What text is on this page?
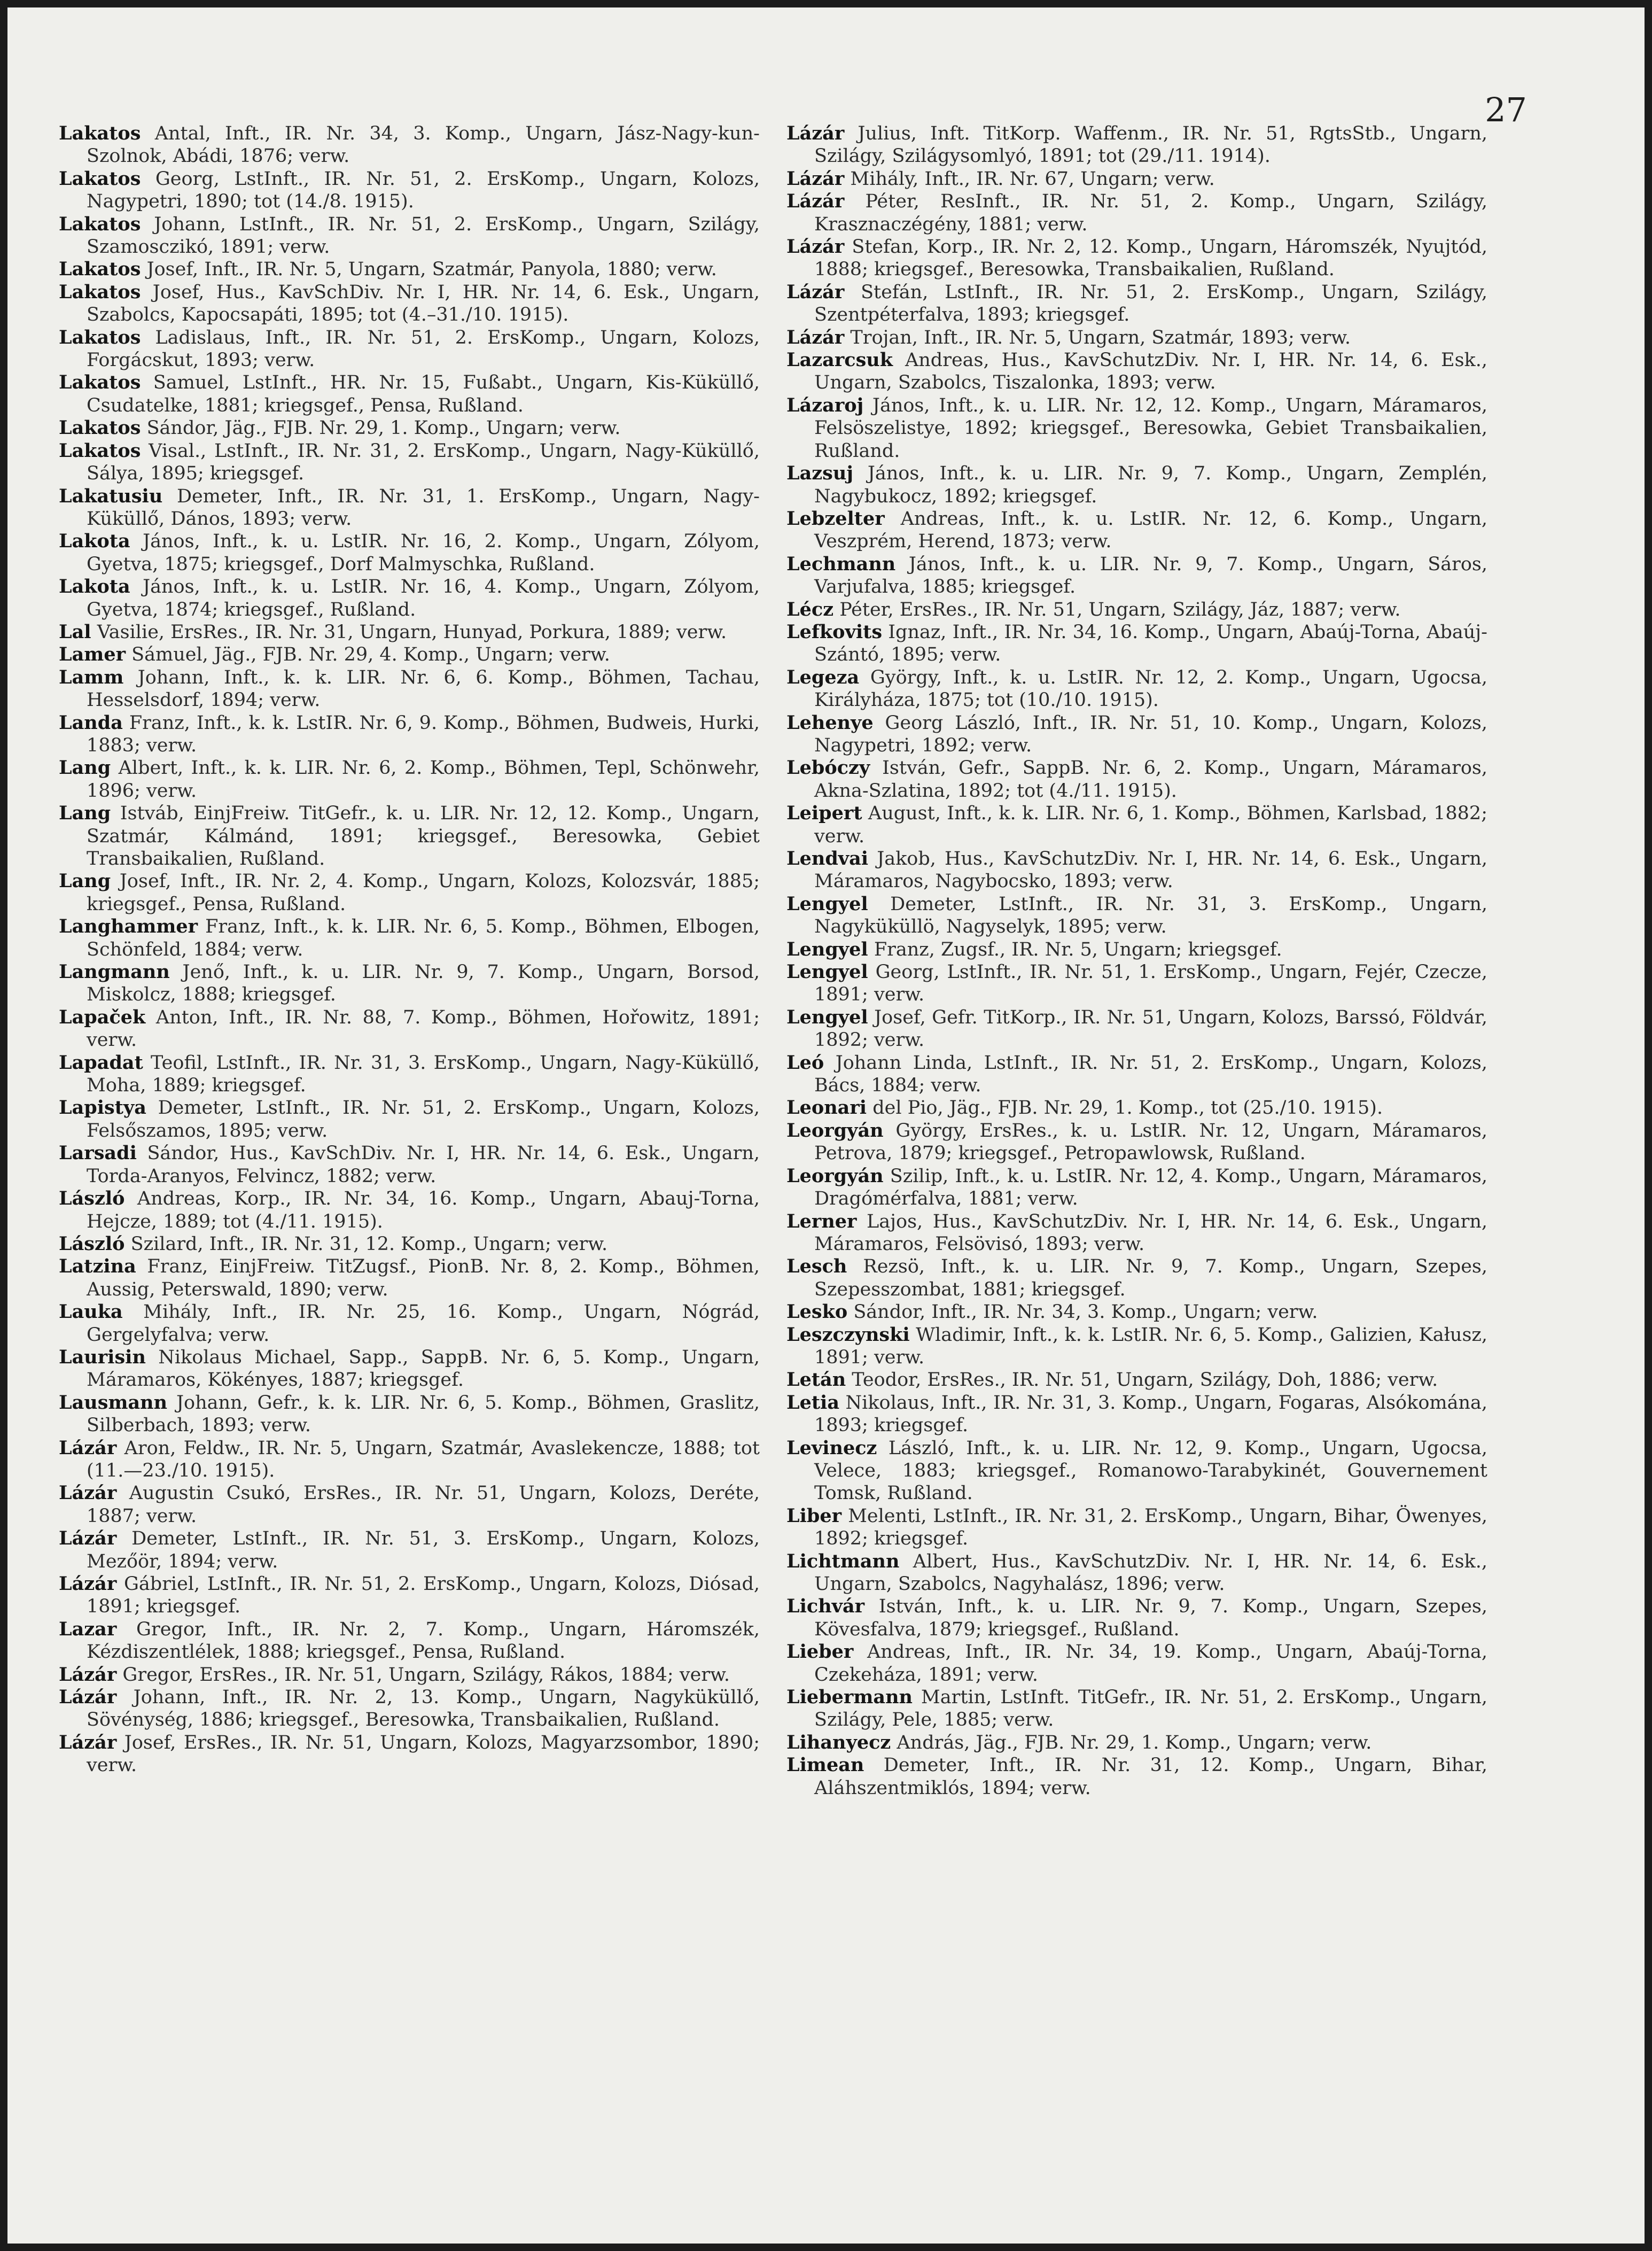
27
Lakatos Antal, Inft., IR. Nr. 34, 3. Komp., Ungarn, Jász-Nagy-kun-Szolnok, Abádi, 1876; verw.
Lakatos Georg, LstInft., IR. Nr. 51, 2. ErsKomp., Ungarn, Kolozs, Nagypetri, 1890; tot (14./8. 1915).
Lakatos Johann, LstInft., IR. Nr. 51, 2. ErsKomp., Ungarn, Szilágy, Szamosczikó, 1891; verw.
Lakatos Josef, Inft., IR. Nr. 5, Ungarn, Szatmár, Panyola, 1880; verw.
Lakatos Josef, Hus., KavSchDiv. Nr. I, HR. Nr. 14, 6. Esk., Ungarn, Szabolcs, Kapocsapáti, 1895; tot (4.–31./10. 1915).
Lakatos Ladislaus, Inft., IR. Nr. 51, 2. ErsKomp., Ungarn, Kolozs, Forgácskut, 1893; verw.
Lakatos Samuel, LstInft., HR. Nr. 15, Fußabt., Ungarn, Kis-Küküllő, Csudatelke, 1881; kriegsgef., Pensa, Rußland.
Lakatos Sándor, Jäg., FJB. Nr. 29, 1. Komp., Ungarn; verw.
Lakatos Visal., LstInft., IR. Nr. 31, 2. ErsKomp., Ungarn, Nagy-Küküllő, Sálya, 1895; kriegsgef.
Lakatusiu Demeter, Inft., IR. Nr. 31, 1. ErsKomp., Ungarn, Nagy-Küküllő, Dános, 1893; verw.
Lakota János, Inft., k. u. LstIR. Nr. 16, 2. Komp., Ungarn, Zólyom, Gyetva, 1875; kriegsgef., Dorf Malmyschka, Rußland.
Lakota János, Inft., k. u. LstIR. Nr. 16, 4. Komp., Ungarn, Zólyom, Gyetva, 1874; kriegsgef., Rußland.
Lal Vasilie, ErsRes., IR. Nr. 31, Ungarn, Hunyad, Porkura, 1889; verw.
Lamer Sámuel, Jäg., FJB. Nr. 29, 4. Komp., Ungarn; verw.
Lamm Johann, Inft., k. k. LIR. Nr. 6, 6. Komp., Böhmen, Tachau, Hesselsdorf, 1894; verw.
Landa Franz, Inft., k. k. LstIR. Nr. 6, 9. Komp., Böhmen, Budweis, Hurki, 1883; verw.
Lang Albert, Inft., k. k. LIR. Nr. 6, 2. Komp., Böhmen, Tepl, Schönwehr, 1896; verw.
Lang Istváb, EinjFreiw. TitGefr., k. u. LIR. Nr. 12, 12. Komp., Ungarn, Szatmár, Kálmánd, 1891; kriegsgef., Beresowka, Gebiet Transbaikalien, Rußland.
Lang Josef, Inft., IR. Nr. 2, 4. Komp., Ungarn, Kolozs, Kolozsvár, 1885; kriegsgef., Pensa, Rußland.
Langhammer Franz, Inft., k. k. LIR. Nr. 6, 5. Komp., Böhmen, Elbogen, Schönfeld, 1884; verw.
Langmann Jenő, Inft., k. u. LIR. Nr. 9, 7. Komp., Ungarn, Borsod, Miskolcz, 1888; kriegsgef.
Lapaček Anton, Inft., IR. Nr. 88, 7. Komp., Böhmen, Hořowitz, 1891; verw.
Lapadat Teofil, LstInft., IR. Nr. 31, 3. ErsKomp., Ungarn, Nagy-Küküllő, Moha, 1889; kriegsgef.
Lapistya Demeter, LstInft., IR. Nr. 51, 2. ErsKomp., Ungarn, Kolozs, Felsőszamos, 1895; verw.
Larsadi Sándor, Hus., KavSchDiv. Nr. I, HR. Nr. 14, 6. Esk., Ungarn, Torda-Aranyos, Felvincz, 1882; verw.
László Andreas, Korp., IR. Nr. 34, 16. Komp., Ungarn, Abauj-Torna, Hejcze, 1889; tot (4./11. 1915).
László Szilard, Inft., IR. Nr. 31, 12. Komp., Ungarn; verw.
Latzina Franz, EinjFreiw. TitZugsf., PionB. Nr. 8, 2. Komp., Böhmen, Aussig, Peterswald, 1890; verw.
Lauka Mihály, Inft., IR. Nr. 25, 16. Komp., Ungarn, Nógrád, Gergelyfalva; verw.
Laurisin Nikolaus Michael, Sapp., SappB. Nr. 6, 5. Komp., Ungarn, Máramaros, Kökényes, 1887; kriegsgef.
Lausmann Johann, Gefr., k. k. LIR. Nr. 6, 5. Komp., Böhmen, Graslitz, Silberbach, 1893; verw.
Lázár Aron, Feldw., IR. Nr. 5, Ungarn, Szatmár, Avaslekencze, 1888; tot (11.—23./10. 1915).
Lázár Augustin Csukó, ErsRes., IR. Nr. 51, Ungarn, Kolozs, Deréte, 1887; verw.
Lázár Demeter, LstInft., IR. Nr. 51, 3. ErsKomp., Ungarn, Kolozs, Mezőör, 1894; verw.
Lázár Gábriel, LstInft., IR. Nr. 51, 2. ErsKomp., Ungarn, Kolozs, Diósad, 1891; kriegsgef.
Lazar Gregor, Inft., IR. Nr. 2, 7. Komp., Ungarn, Háromszék, Kézdiszentlélek, 1888; kriegsgef., Pensa, Rußland.
Lázár Gregor, ErsRes., IR. Nr. 51, Ungarn, Szilágy, Rákos, 1884; verw.
Lázár Johann, Inft., IR. Nr. 2, 13. Komp., Ungarn, Nagyküküllő, Sövénység, 1886; kriegsgef., Beresowka, Transbaikalien, Rußland.
Lázár Josef, ErsRes., IR. Nr. 51, Ungarn, Kolozs, Magyarzsombor, 1890; verw.
Lázár Julius, Inft. TitKorp. Waffenm., IR. Nr. 51, RgtsStb., Ungarn, Szilágy, Szilágysomlyó, 1891; tot (29./11. 1914).
Lázár Mihály, Inft., IR. Nr. 67, Ungarn; verw.
Lázár Péter, ResInft., IR. Nr. 51, 2. Komp., Ungarn, Szilágy, Krasznaczégény, 1881; verw.
Lázár Stefan, Korp., IR. Nr. 2, 12. Komp., Ungarn, Háromszék, Nyujtód, 1888; kriegsgef., Beresowka, Transbaikalien, Rußland.
Lázár Stefán, LstInft., IR. Nr. 51, 2. ErsKomp., Ungarn, Szilágy, Szentpéterfalva, 1893; kriegsgef.
Lázár Trojan, Inft., IR. Nr. 5, Ungarn, Szatmár, 1893; verw.
Lazarcsuk Andreas, Hus., KavSchutzDiv. Nr. I, HR. Nr. 14, 6. Esk., Ungarn, Szabolcs, Tiszalonka, 1893; verw.
Lázaroj János, Inft., k. u. LIR. Nr. 12, 12. Komp., Ungarn, Máramaros, Felsöszelistye, 1892; kriegsgef., Beresowka, Gebiet Transbaikalien, Rußland.
Lazsuj János, Inft., k. u. LIR. Nr. 9, 7. Komp., Ungarn, Zemplén, Nagybukocz, 1892; kriegsgef.
Lebzelter Andreas, Inft., k. u. LstIR. Nr. 12, 6. Komp., Ungarn, Veszprém, Herend, 1873; verw.
Lechmann János, Inft., k. u. LIR. Nr. 9, 7. Komp., Ungarn, Sáros, Varjufalva, 1885; kriegsgef.
Lécz Péter, ErsRes., IR. Nr. 51, Ungarn, Szilágy, Jáz, 1887; verw.
Lefkovits Ignaz, Inft., IR. Nr. 34, 16. Komp., Ungarn, Abaúj-Torna, Abaúj-Szántó, 1895; verw.
Legeza György, Inft., k. u. LstIR. Nr. 12, 2. Komp., Ungarn, Ugocsa, Királyháza, 1875; tot (10./10. 1915).
Lehenye Georg László, Inft., IR. Nr. 51, 10. Komp., Ungarn, Kolozs, Nagypetri, 1892; verw.
Lebóczy István, Gefr., SappB. Nr. 6, 2. Komp., Ungarn, Máramaros, Akna-Szlatina, 1892; tot (4./11. 1915).
Leipert August, Inft., k. k. LIR. Nr. 6, 1. Komp., Böhmen, Karlsbad, 1882; verw.
Lendvai Jakob, Hus., KavSchutzDiv. Nr. I, HR. Nr. 14, 6. Esk., Ungarn, Máramaros, Nagybocsko, 1893; verw.
Lengyel Demeter, LstInft., IR. Nr. 31, 3. ErsKomp., Ungarn, Nagyküküllö, Nagyselyk, 1895; verw.
Lengyel Franz, Zugsf., IR. Nr. 5, Ungarn; kriegsgef.
Lengyel Georg, LstInft., IR. Nr. 51, 1. ErsKomp., Ungarn, Fejér, Czecze, 1891; verw.
Lengyel Josef, Gefr. TitKorp., IR. Nr. 51, Ungarn, Kolozs, Barssó, Földvár, 1892; verw.
Leó Johann Linda, LstInft., IR. Nr. 51, 2. ErsKomp., Ungarn, Kolozs, Bács, 1884; verw.
Leonari del Pio, Jäg., FJB. Nr. 29, 1. Komp., tot (25./10. 1915).
Leorgyán György, ErsRes., k. u. LstIR. Nr. 12, Ungarn, Máramaros, Petrova, 1879; kriegsgef., Petropawlowsk, Rußland.
Leorgyán Szilip, Inft., k. u. LstIR. Nr. 12, 4. Komp., Ungarn, Máramaros, Dragómérfalva, 1881; verw.
Lerner Lajos, Hus., KavSchutzDiv. Nr. I, HR. Nr. 14, 6. Esk., Ungarn, Máramaros, Felsövisó, 1893; verw.
Lesch Rezsö, Inft., k. u. LIR. Nr. 9, 7. Komp., Ungarn, Szepes, Szepesszombat, 1881; kriegsgef.
Lesko Sándor, Inft., IR. Nr. 34, 3. Komp., Ungarn; verw.
Leszczynski Wladimir, Inft., k. k. LstIR. Nr. 6, 5. Komp., Galizien, Kałusz, 1891; verw.
Letán Teodor, ErsRes., IR. Nr. 51, Ungarn, Szilágy, Doh, 1886; verw.
Letia Nikolaus, Inft., IR. Nr. 31, 3. Komp., Ungarn, Fogaras, Alsókomána, 1893; kriegsgef.
Levinecz László, Inft., k. u. LIR. Nr. 12, 9. Komp., Ungarn, Ugocsa, Velece, 1883; kriegsgef., Romanowo-Tarabykinét, Gouvernement Tomsk, Rußland.
Liber Melenti, LstInft., IR. Nr. 31, 2. ErsKomp., Ungarn, Bihar, Öwenyes, 1892; kriegsgef.
Lichtmann Albert, Hus., KavSchutzDiv. Nr. I, HR. Nr. 14, 6. Esk., Ungarn, Szabolcs, Nagyhalász, 1896; verw.
Lichvár István, Inft., k. u. LIR. Nr. 9, 7. Komp., Ungarn, Szepes, Kövesfalva, 1879; kriegsgef., Rußland.
Lieber Andreas, Inft., IR. Nr. 34, 19. Komp., Ungarn, Abaúj-Torna, Czekeháza, 1891; verw.
Liebermann Martin, LstInft. TitGefr., IR. Nr. 51, 2. ErsKomp., Ungarn, Szilágy, Pele, 1885; verw.
Lihanyecz András, Jäg., FJB. Nr. 29, 1. Komp., Ungarn; verw.
Limean Demeter, Inft., IR. Nr. 31, 12. Komp., Ungarn, Bihar, Aláhszentmiklós, 1894; verw.
